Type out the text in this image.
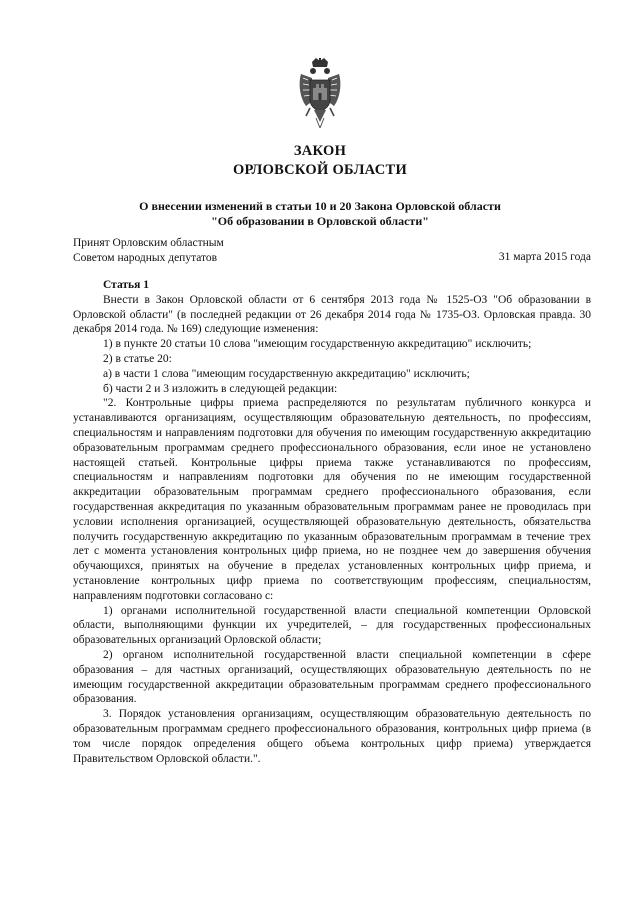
ЗАКОН
ОРЛОВСКОЙ ОБЛАСТИ
О внесении изменений в статьи 10 и 20 Закона Орловской области
"Об образовании в Орловской области"
Принят Орловским областным
Советом народных депутатов	31 марта 2015 года

Статья 1

Внести в Закон Орловской области от 6 сентября 2013 года № 1525-ОЗ "Об образовании в Орловской области" (в последней редакции от 26 декабря 2014 года № 1735-ОЗ. Орловская правда. 30 декабря 2014 года. № 169) следующие изменения:

1) в пункте 20 статьи 10 слова "имеющим государственную аккредитацию" исключить;

2) в статье 20:

а) в части 1 слова "имеющим государственную аккредитацию" исключить;

б) части 2 и 3 изложить в следующей редакции:

"2. Контрольные цифры приема распределяются по результатам публичного конкурса и устанавливаются организациям, осуществляющим образовательную деятельность, по профессиям, специальностям и направлениям подготовки для обучения по имеющим государственную аккредитацию образовательным программам среднего профессионального образования, если иное не установлено настоящей статьей. Контрольные цифры приема также устанавливаются по профессиям, специальностям и направлениям подготовки для обучения по не имеющим государственной аккредитации образовательным программам среднего профессионального образования, если государственная аккредитация по указанным образовательным программам ранее не проводилась при условии исполнения организацией, осуществляющей образовательную деятельность, обязательства получить государственную аккредитацию по указанным образовательным программам в течение трех лет с момента установления контрольных цифр приема, но не позднее чем до завершения обучения обучающихся, принятых на обучение в пределах установленных контрольных цифр приема, и установление контрольных цифр приема по соответствующим профессиям, специальностям, направлениям подготовки согласовано с:

1) органами исполнительной государственной власти специальной компетенции Орловской области, выполняющими функции их учредителей, – для государственных профессиональных образовательных организаций Орловской области;

2) органом исполнительной государственной власти специальной компетенции в сфере образования – для частных организаций, осуществляющих образовательную деятельность по не имеющим государственной аккредитации образовательным программам среднего профессионального образования.

3. Порядок установления организациям, осуществляющим образовательную деятельность по образовательным программам среднего профессионального образования, контрольных цифр приема (в том числе порядок определения общего объема контрольных цифр приема) утверждается Правительством Орловской области.".
